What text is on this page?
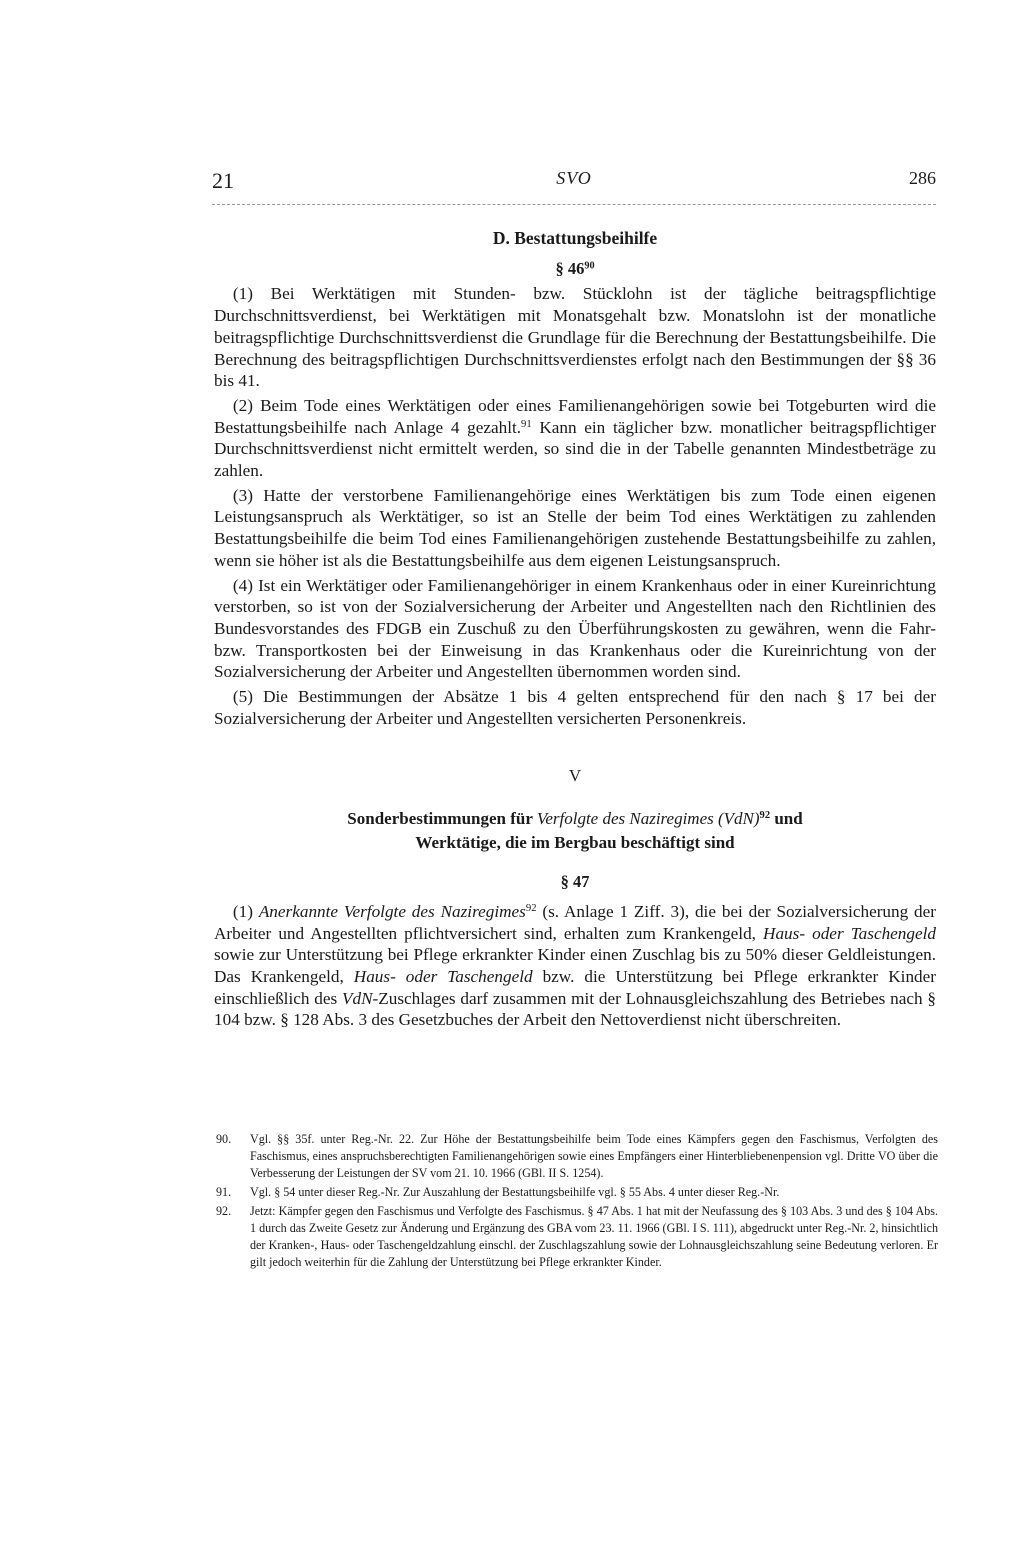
21	SVO	286
D. Bestattungsbeihilfe
§ $46^{90}$

(1) Bei Werktätigen mit Stunden- bzw. Stücklohn ist der tägliche beitragspflichtige Durchschnittsverdienst, bei Werktätigen mit Monatsgehalt bzw. Monatslohn ist der monatliche beitragspflichtige Durchschnittsverdienst die Grundlage für die Berechnung der Bestattungsbeihilfe. Die Berechnung des beitragspflichtigen Durchschnittsverdienstes erfolgt nach den Bestimmungen der §§ 36 bis 41.

(2) Beim Tode eines Werktätigen oder eines Familienangehörigen sowie bei Totgeburten wird die Bestattungsbeihilfe nach Anlage 4 gezahlt.$^{91}$ Kann ein täglicher bzw. monatlicher beitragspflichtiger Durchschnittsverdienst nicht ermittelt werden, so sind die in der Tabelle genannten Mindestbeträge zu zahlen.

(3) Hatte der verstorbene Familienangehörige eines Werktätigen bis zum Tode einen eigenen Leistungsanspruch als Werktätiger, so ist an Stelle der beim Tod eines Werktätigen zu zahlenden Bestattungsbeihilfe die beim Tod eines Familienangehörigen zustehende Bestattungsbeihilfe zu zahlen, wenn sie höher ist als die Bestattungsbeihilfe aus dem eigenen Leistungsanspruch.

(4) Ist ein Werktätiger oder Familienangehöriger in einem Krankenhaus oder in einer Kureinrichtung verstorben, so ist von der Sozialversicherung der Arbeiter und Angestellten nach den Richtlinien des Bundesvorstandes des FDGB ein Zuschuß zu den Überführungskosten zu gewähren, wenn die Fahr- bzw. Transportkosten bei der Einweisung in das Krankenhaus oder die Kureinrichtung von der Sozialversicherung der Arbeiter und Angestellten übernommen worden sind.

(5) Die Bestimmungen der Absätze 1 bis 4 gelten entsprechend für den nach § 17 bei der Sozialversicherung der Arbeiter und Angestellten versicherten Personenkreis.

V
Sonderbestimmungen für Verfolgte des Naziregimes (VdN)$^{92}$ und
Werktätige, die im Bergbau beschäftigt sind
§ 47

(1) Anerkannte Verfolgte des Naziregimes$^{92}$ (s. Anlage 1 Ziff. 3), die bei der Sozialversicherung der Arbeiter und Angestellten pflichtversichert sind, erhalten zum Krankengeld, Haus- oder Taschengeld sowie zur Unterstützung bei Pflege erkrankter Kinder einen Zuschlag bis zu 50% dieser Geldleistungen. Das Krankengeld, Haus- oder Taschengeld bzw. die Unterstützung bei Pflege erkrankter Kinder einschließlich des VdN-Zuschlages darf zusammen mit der Lohnausgleichszahlung des Betriebes nach § 104 bzw. § 128 Abs. 3 des Gesetzbuches der Arbeit den Nettoverdienst nicht überschreiten.

90.	Vgl. §§ 35f. unter Reg.-Nr. 22. Zur Höhe der Bestattungsbeihilfe beim Tode eines Kämpfers gegen den Faschismus, Verfolgten des Faschismus, eines anspruchsberechtigten Familienangehörigen sowie eines Empfängers einer Hinterbliebenenpension vgl. Dritte VO über die Verbesserung der Leistungen der SV vom 21. 10. 1966 (GBl. II S. 1254).
91.	Vgl. § 54 unter dieser Reg.-Nr. Zur Auszahlung der Bestattungsbeihilfe vgl. § 55 Abs. 4 unter dieser Reg.-Nr.
92.	Jetzt: Kämpfer gegen den Faschismus und Verfolgte des Faschismus. § 47 Abs. 1 hat mit der Neufassung des § 103 Abs. 3 und des § 104 Abs. 1 durch das Zweite Gesetz zur Änderung und Ergänzung des GBA vom 23. 11. 1966 (GBl. I S. 111), abgedruckt unter Reg.-Nr. 2, hinsichtlich der Kranken-, Haus- oder Taschengeldzahlung einschl. der Zuschlagszahlung sowie der Lohnausgleichszahlung seine Bedeutung verloren. Er gilt jedoch weiterhin für die Zahlung der Unterstützung bei Pflege erkrankter Kinder.
